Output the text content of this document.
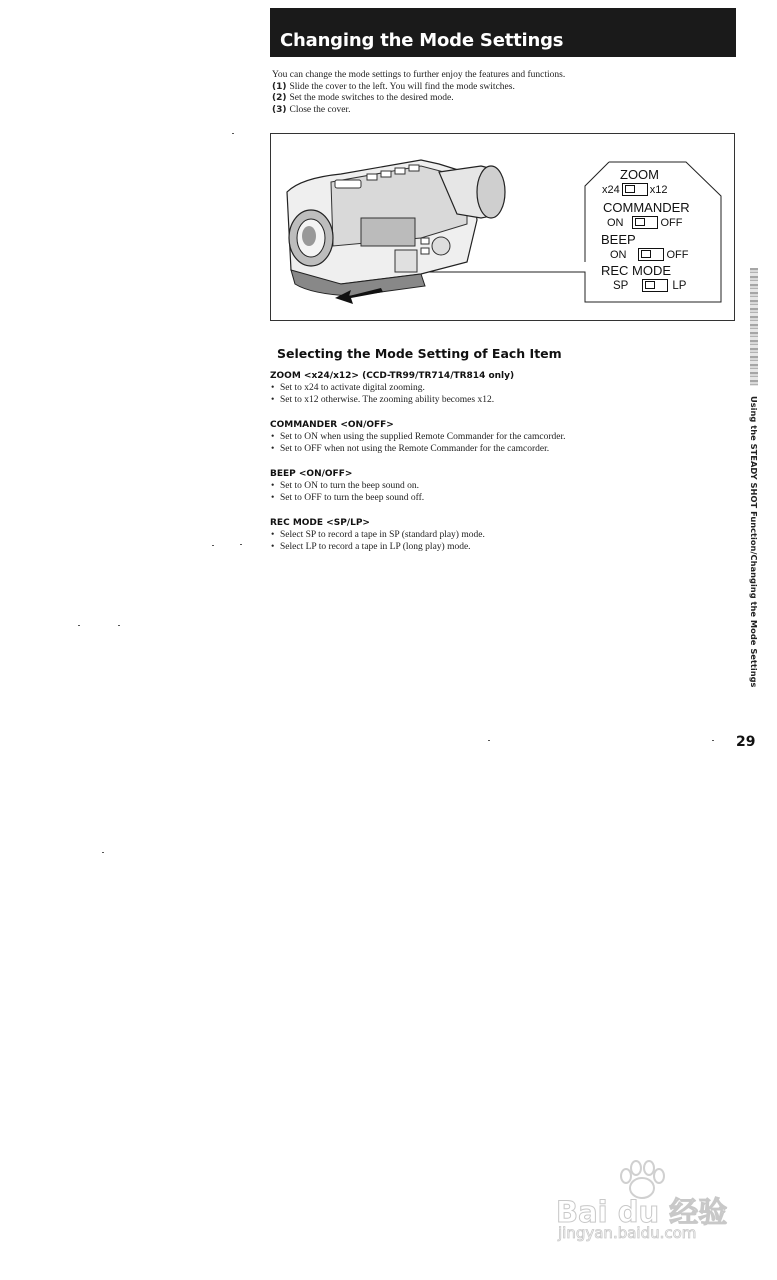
Changing the Mode Settings

You can change the mode settings to further enjoy the features and functions.

(1) Slide the cover to the left. You will find the mode switches.

(2) Set the mode switches to the desired mode.

(3) Close the cover.

ZOOM
x24	x12
COMMANDER
ON	OFF
BEEP
ON	OFF
REC MODE
SP	LP
Selecting the Mode Setting of Each Item
ZOOM <x24/x12> (CCD-TR99/TR714/TR814 only)
• Set to x24 to activate digital zooming.
• Set to x12 otherwise. The zooming ability becomes x12.
COMMANDER <ON/OFF>
• Set to ON when using the supplied Remote Commander for the camcorder.
• Set to OFF when not using the Remote Commander for the camcorder.
BEEP <ON/OFF>
• Set to ON to turn the beep sound on.
• Set to OFF to turn the beep sound off.
REC MODE <SP/LP>
• Select SP to record a tape in SP (standard play) mode.
• Select LP to record a tape in LP (long play) mode.	Using the STEADY SHOT Function/Changing the Mode Settings
29
Bai du 经验
jingyan.baidu.com
